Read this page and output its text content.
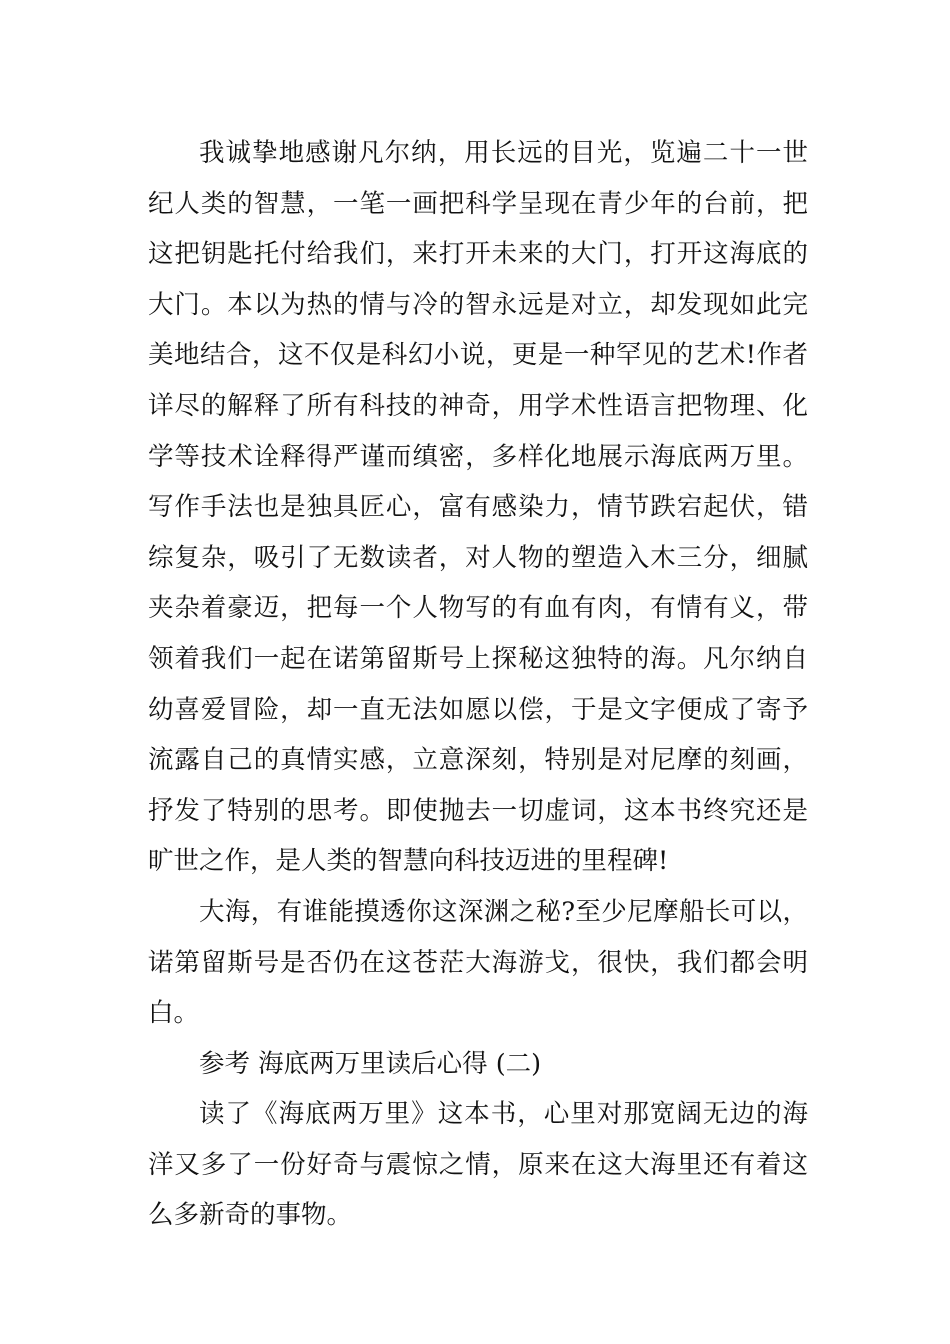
我诚挚地感谢凡尔纳，用长远的目光，览遍二十一世纪人类的智慧，一笔一画把科学呈现在青少年的台前，把这把钥匙托付给我们，来打开未来的大门，打开这海底的大门。本以为热的情与冷的智永远是对立，却发现如此完美地结合，这不仅是科幻小说，更是一种罕见的艺术!作者详尽的解释了所有科技的神奇，用学术性语言把物理、化学等技术诠释得严谨而缜密，多样化地展示海底两万里。写作手法也是独具匠心，富有感染力，情节跌宕起伏，错综复杂，吸引了无数读者，对人物的塑造入木三分，细腻夹杂着豪迈，把每一个人物写的有血有肉，有情有义，带领着我们一起在诺第留斯号上探秘这独特的海。凡尔纳自幼喜爱冒险，却一直无法如愿以偿，于是文字便成了寄予流露自己的真情实感，立意深刻，特别是对尼摩的刻画，抒发了特别的思考。即使抛去一切虚词，这本书终究还是旷世之作，是人类的智慧向科技迈进的里程碑!

大海，有谁能摸透你这深渊之秘?至少尼摩船长可以，诺第留斯号是否仍在这苍茫大海游戈，很快，我们都会明白。

参考 海底两万里读后心得 (二)

读了《海底两万里》这本书，心里对那宽阔无边的海洋又多了一份好奇与震惊之情，原来在这大海里还有着这么多新奇的事物。
